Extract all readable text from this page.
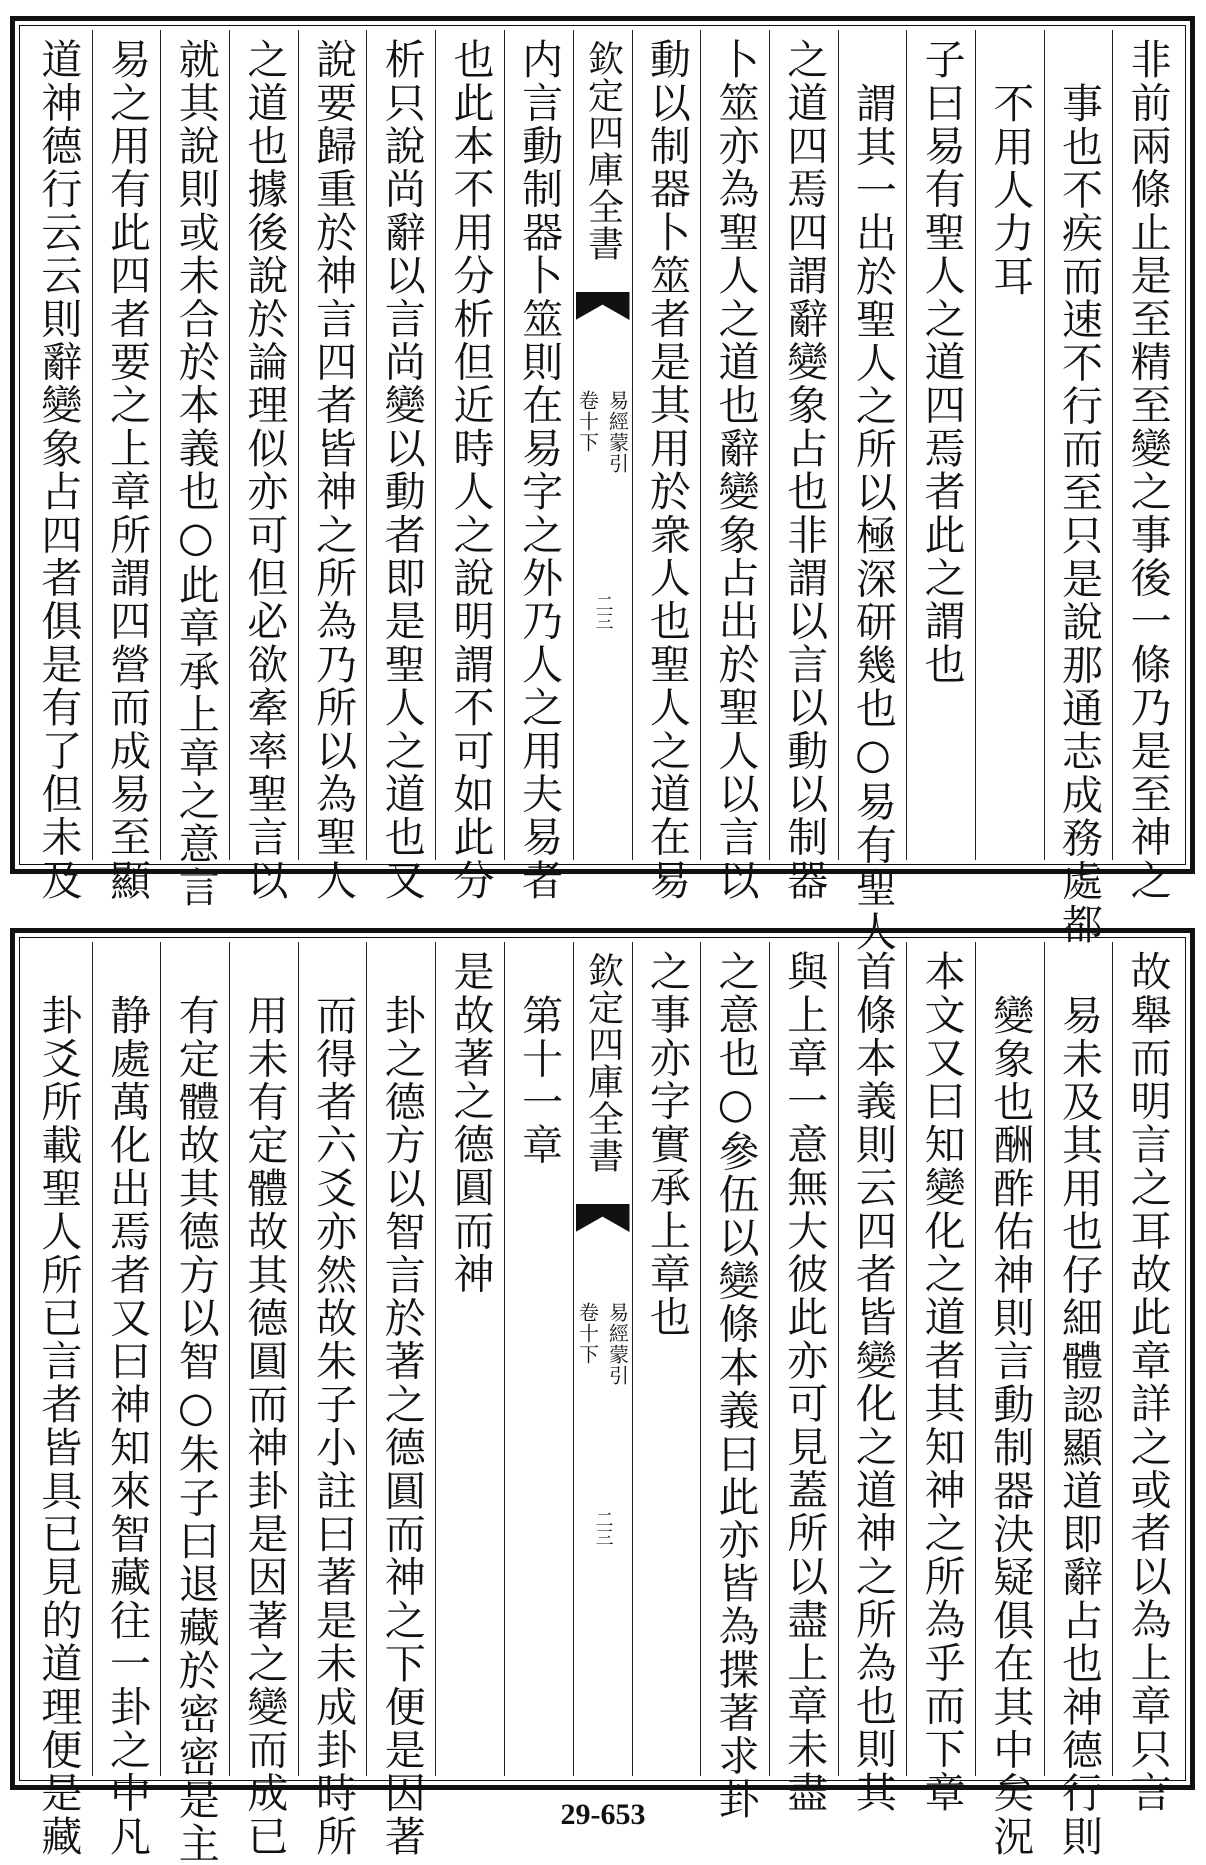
非前兩條止是至精至變之事後一條乃是至神之
事也不疾而速不行而至只是說那通志成務處都
不用人力耳
子曰易有聖人之道四焉者此之謂也
謂其一出於聖人之所以極深研幾也○易有聖人
之道四焉四謂辭變象占也非謂以言以動以制器
卜筮亦為聖人之道也辭變象占出於聖人以言以
動以制器卜筮者是其用於衆人也聖人之道在易
欽定四庫全書
易經蒙引
卷十下
二三
内言動制器卜筮則在易字之外乃人之用夫易者
也此本不用分析但近時人之說明謂不可如此分
析只說尚辭以言尚變以動者即是聖人之道也又
說要歸重於神言四者皆神之所為乃所以為聖人
之道也據後說於論理似亦可但必欲牽率聖言以
就其說則或未合於本義也○此章承上章之意言
易之用有此四者要之上章所謂四營而成易至顯
道神德行云云則辭變象占四者俱是有了但未及
故舉而明言之耳故此章詳之或者以為上章只言
易未及其用也仔細體認顯道即辭占也神德行則
變象也酬酢佑神則言動制器決疑俱在其中矣況
本文又曰知變化之道者其知神之所為乎而下章
首條本義則云四者皆變化之道神之所為也則其
與上章一意無大彼此亦可見蓋所以盡上章未盡
之意也○參伍以變條本義曰此亦皆為揲著求卦
之事亦字實承上章也
欽定四庫全書
易經蒙引
卷十下
二三
第十一章
是故著之德圓而神
卦之德方以智言於著之德圓而神之下便是因著
而得者六爻亦然故朱子小註曰著是未成卦時所
用未有定體故其德圓而神卦是因著之變而成已
有定體故其德方以智○朱子曰退藏於密密是主
静處萬化出焉者又曰神知來智藏往一卦之中凡
卦爻所載聖人所已言者皆具已見的道理便是藏	29-653
